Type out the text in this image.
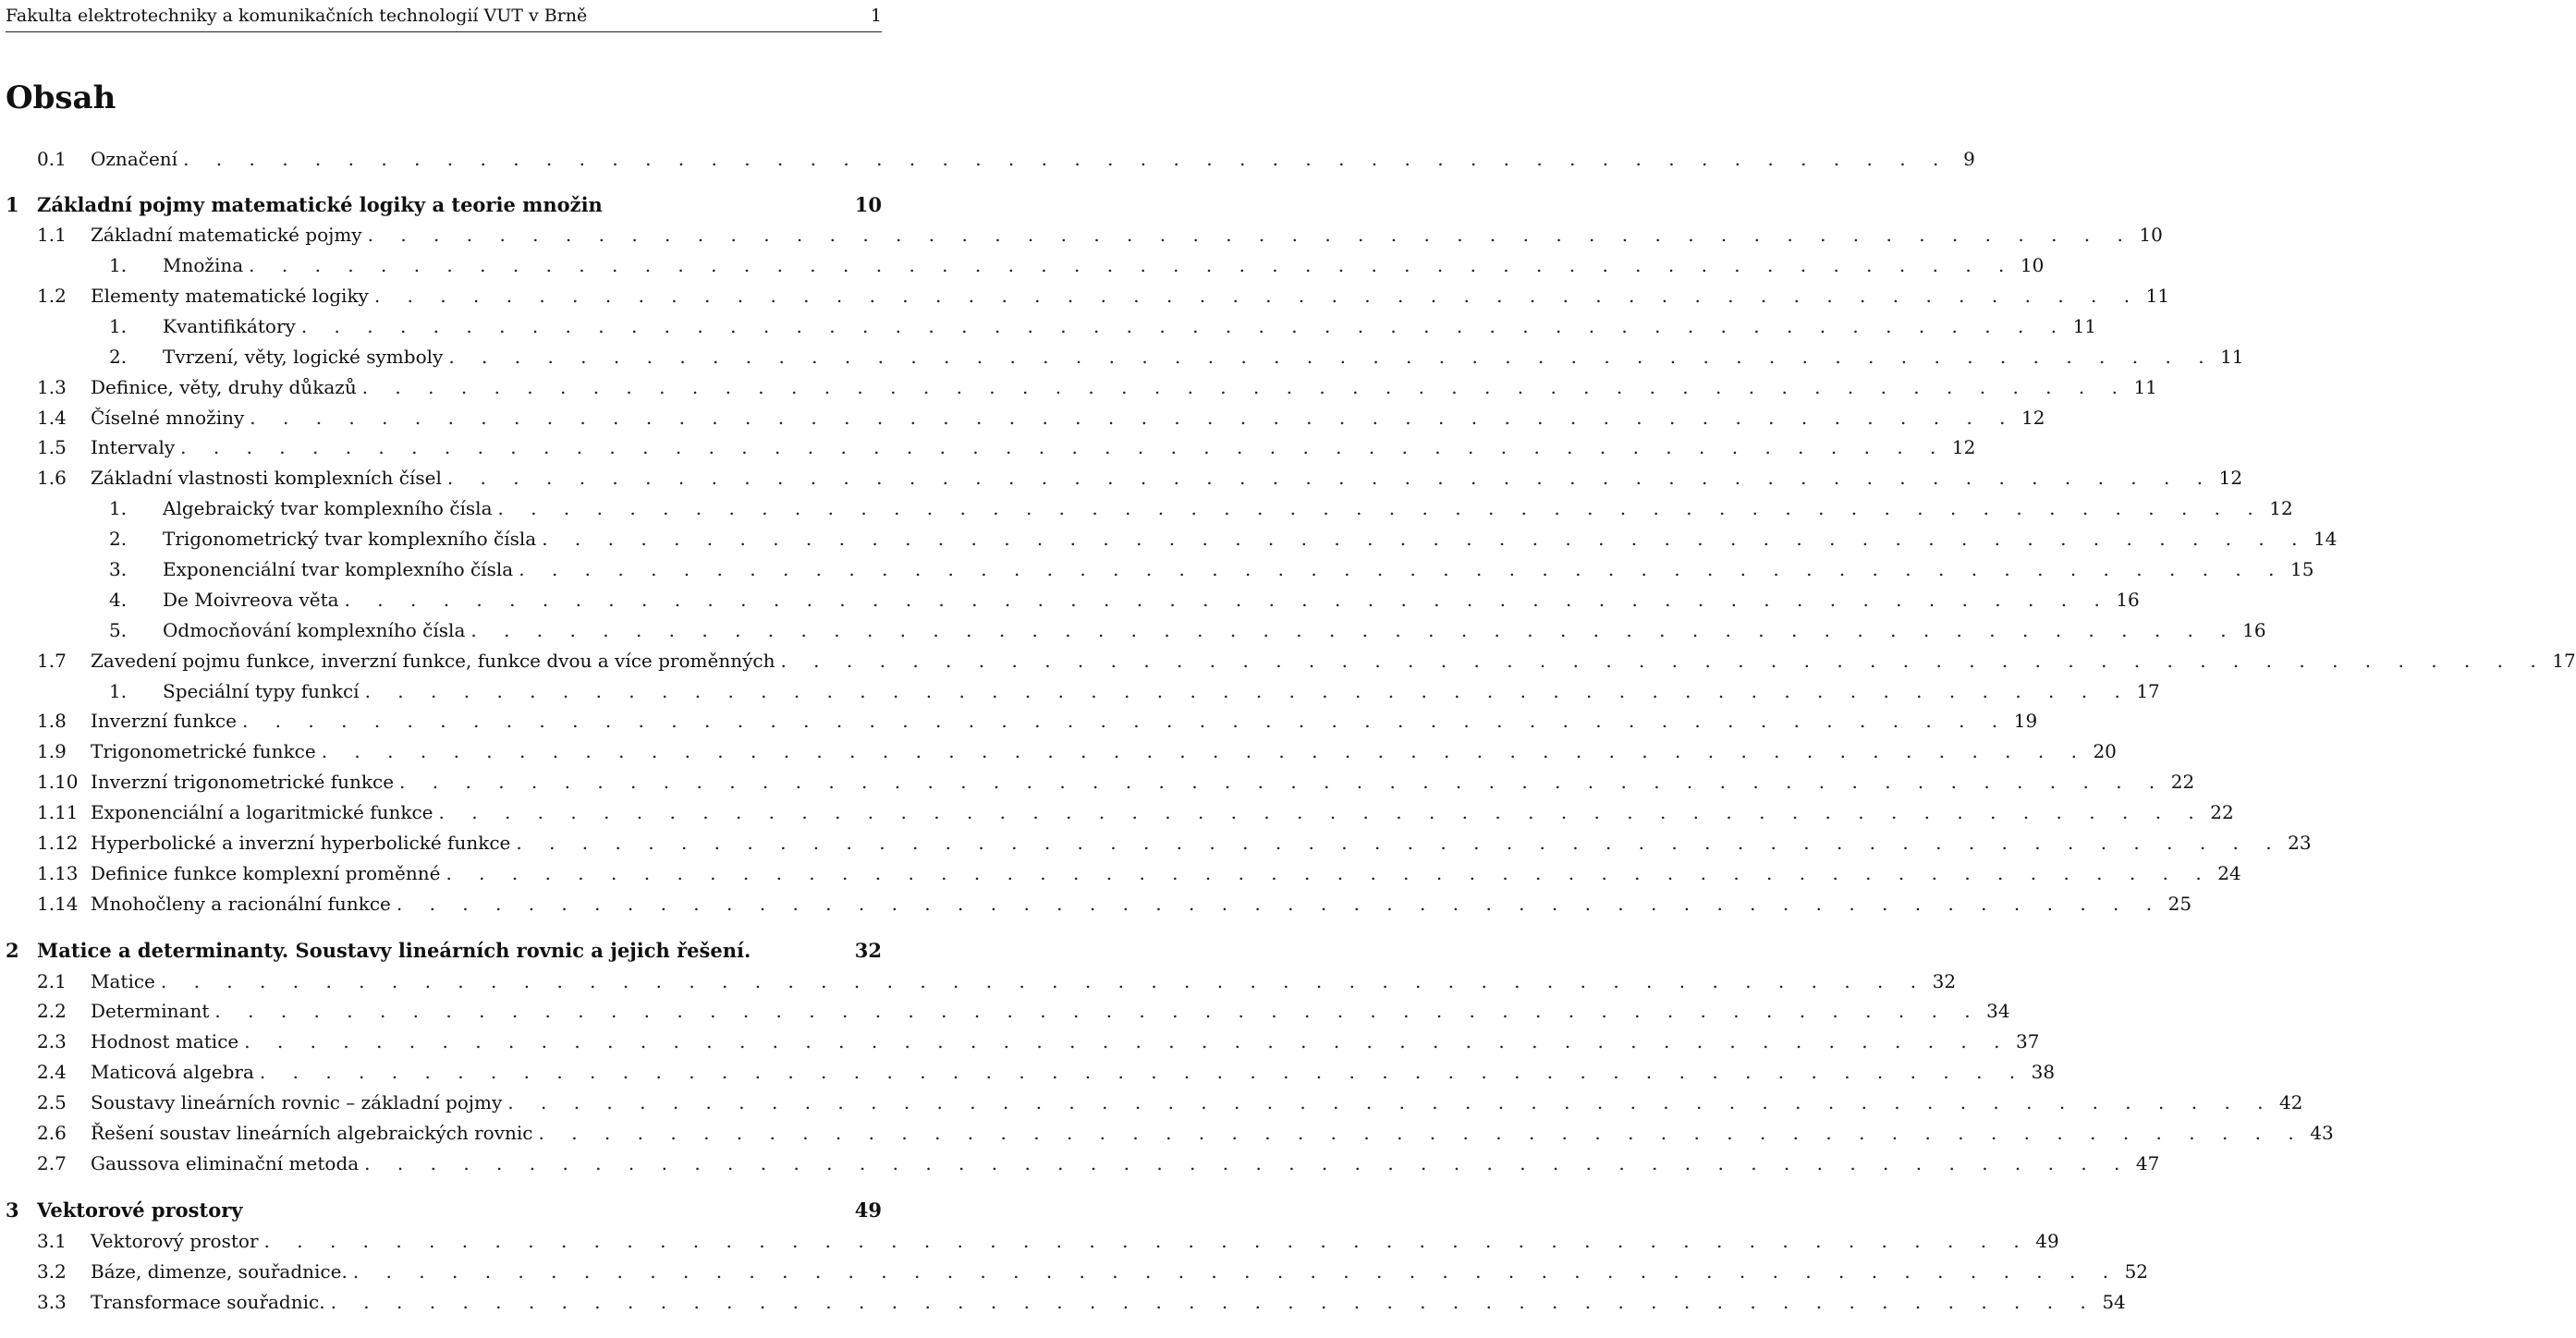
Fakulta elektrotechniky a komunikačních technologií VUT v Brně	1
Obsah
0.1	Označení . . . . . . . . . . . . . . . . . . . . . . . . . . . . . . . . . . . . . . . . . . . . . . . . . . . . . . 9
1 Základní pojmy matematické logiky a teorie množin	10
1.1	Základní matematické pojmy . . . . . . . . . . . . . . . . . . . . . . . . . . . . . . . . . . . . . . . . . . . . . . . . . . . . . . 10
1.	Množina . . . . . . . . . . . . . . . . . . . . . . . . . . . . . . . . . . . . . . . . . . . . . . . . . . . . . . 10
1.2	Elementy matematické logiky . . . . . . . . . . . . . . . . . . . . . . . . . . . . . . . . . . . . . . . . . . . . . . . . . . . . . . 11
1.	Kvantifikátory . . . . . . . . . . . . . . . . . . . . . . . . . . . . . . . . . . . . . . . . . . . . . . . . . . . . . . 11
2.	Tvrzení, věty, logické symboly . . . . . . . . . . . . . . . . . . . . . . . . . . . . . . . . . . . . . . . . . . . . . . . . . . . . . . 11
1.3	Definice, věty, druhy důkazů . . . . . . . . . . . . . . . . . . . . . . . . . . . . . . . . . . . . . . . . . . . . . . . . . . . . . . 11
1.4	Číselné množiny . . . . . . . . . . . . . . . . . . . . . . . . . . . . . . . . . . . . . . . . . . . . . . . . . . . . . . 12
1.5	Intervaly . . . . . . . . . . . . . . . . . . . . . . . . . . . . . . . . . . . . . . . . . . . . . . . . . . . . . . 12
1.6	Základní vlastnosti komplexních čísel . . . . . . . . . . . . . . . . . . . . . . . . . . . . . . . . . . . . . . . . . . . . . . . . . . . . . . 12
1.	Algebraický tvar komplexního čísla . . . . . . . . . . . . . . . . . . . . . . . . . . . . . . . . . . . . . . . . . . . . . . . . . . . . . . 12
2.	Trigonometrický tvar komplexního čísla . . . . . . . . . . . . . . . . . . . . . . . . . . . . . . . . . . . . . . . . . . . . . . . . . . . . . . 14
3.	Exponenciální tvar komplexního čísla . . . . . . . . . . . . . . . . . . . . . . . . . . . . . . . . . . . . . . . . . . . . . . . . . . . . . . 15
4.	De Moivreova věta . . . . . . . . . . . . . . . . . . . . . . . . . . . . . . . . . . . . . . . . . . . . . . . . . . . . . . 16
5.	Odmocňování komplexního čísla . . . . . . . . . . . . . . . . . . . . . . . . . . . . . . . . . . . . . . . . . . . . . . . . . . . . . . 16
1.7	Zavedení pojmu funkce, inverzní funkce, funkce dvou a více proměnných . . . . . . . . . . . . . . . . . . . . . . . . . . . . . . . . . . . . . . . . . . . . . . . . . . . . . . 17
1.	Speciální typy funkcí . . . . . . . . . . . . . . . . . . . . . . . . . . . . . . . . . . . . . . . . . . . . . . . . . . . . . . 17
1.8	Inverzní funkce . . . . . . . . . . . . . . . . . . . . . . . . . . . . . . . . . . . . . . . . . . . . . . . . . . . . . . 19
1.9	Trigonometrické funkce . . . . . . . . . . . . . . . . . . . . . . . . . . . . . . . . . . . . . . . . . . . . . . . . . . . . . . 20
1.10 Inverzní trigonometrické funkce . . . . . . . . . . . . . . . . . . . . . . . . . . . . . . . . . . . . . . . . . . . . . . . . . . . . . . 22
1.11 Exponenciální a logaritmické funkce . . . . . . . . . . . . . . . . . . . . . . . . . . . . . . . . . . . . . . . . . . . . . . . . . . . . . . 22
1.12 Hyperbolické a inverzní hyperbolické funkce . . . . . . . . . . . . . . . . . . . . . . . . . . . . . . . . . . . . . . . . . . . . . . . . . . . . . . 23
1.13 Definice funkce komplexní proměnné . . . . . . . . . . . . . . . . . . . . . . . . . . . . . . . . . . . . . . . . . . . . . . . . . . . . . . 24
1.14 Mnohočleny a racionální funkce . . . . . . . . . . . . . . . . . . . . . . . . . . . . . . . . . . . . . . . . . . . . . . . . . . . . . . 25
2 Matice a determinanty. Soustavy lineárních rovnic a jejich řešení.	32
2.1	Matice . . . . . . . . . . . . . . . . . . . . . . . . . . . . . . . . . . . . . . . . . . . . . . . . . . . . . . 32
2.2	Determinant . . . . . . . . . . . . . . . . . . . . . . . . . . . . . . . . . . . . . . . . . . . . . . . . . . . . . . 34
2.3	Hodnost matice . . . . . . . . . . . . . . . . . . . . . . . . . . . . . . . . . . . . . . . . . . . . . . . . . . . . . . 37
2.4	Maticová algebra . . . . . . . . . . . . . . . . . . . . . . . . . . . . . . . . . . . . . . . . . . . . . . . . . . . . . . 38
2.5	Soustavy lineárních rovnic – základní pojmy . . . . . . . . . . . . . . . . . . . . . . . . . . . . . . . . . . . . . . . . . . . . . . . . . . . . . . 42
2.6	Řešení soustav lineárních algebraických rovnic . . . . . . . . . . . . . . . . . . . . . . . . . . . . . . . . . . . . . . . . . . . . . . . . . . . . . . 43
2.7	Gaussova eliminační metoda . . . . . . . . . . . . . . . . . . . . . . . . . . . . . . . . . . . . . . . . . . . . . . . . . . . . . . 47
3 Vektorové prostory	49
3.1	Vektorový prostor . . . . . . . . . . . . . . . . . . . . . . . . . . . . . . . . . . . . . . . . . . . . . . . . . . . . . . 49
3.2	Báze, dimenze, souřadnice. . . . . . . . . . . . . . . . . . . . . . . . . . . . . . . . . . . . . . . . . . . . . . . . . . . . . . . 52
3.3	Transformace souřadnic. . . . . . . . . . . . . . . . . . . . . . . . . . . . . . . . . . . . . . . . . . . . . . . . . . . . . . . 54
